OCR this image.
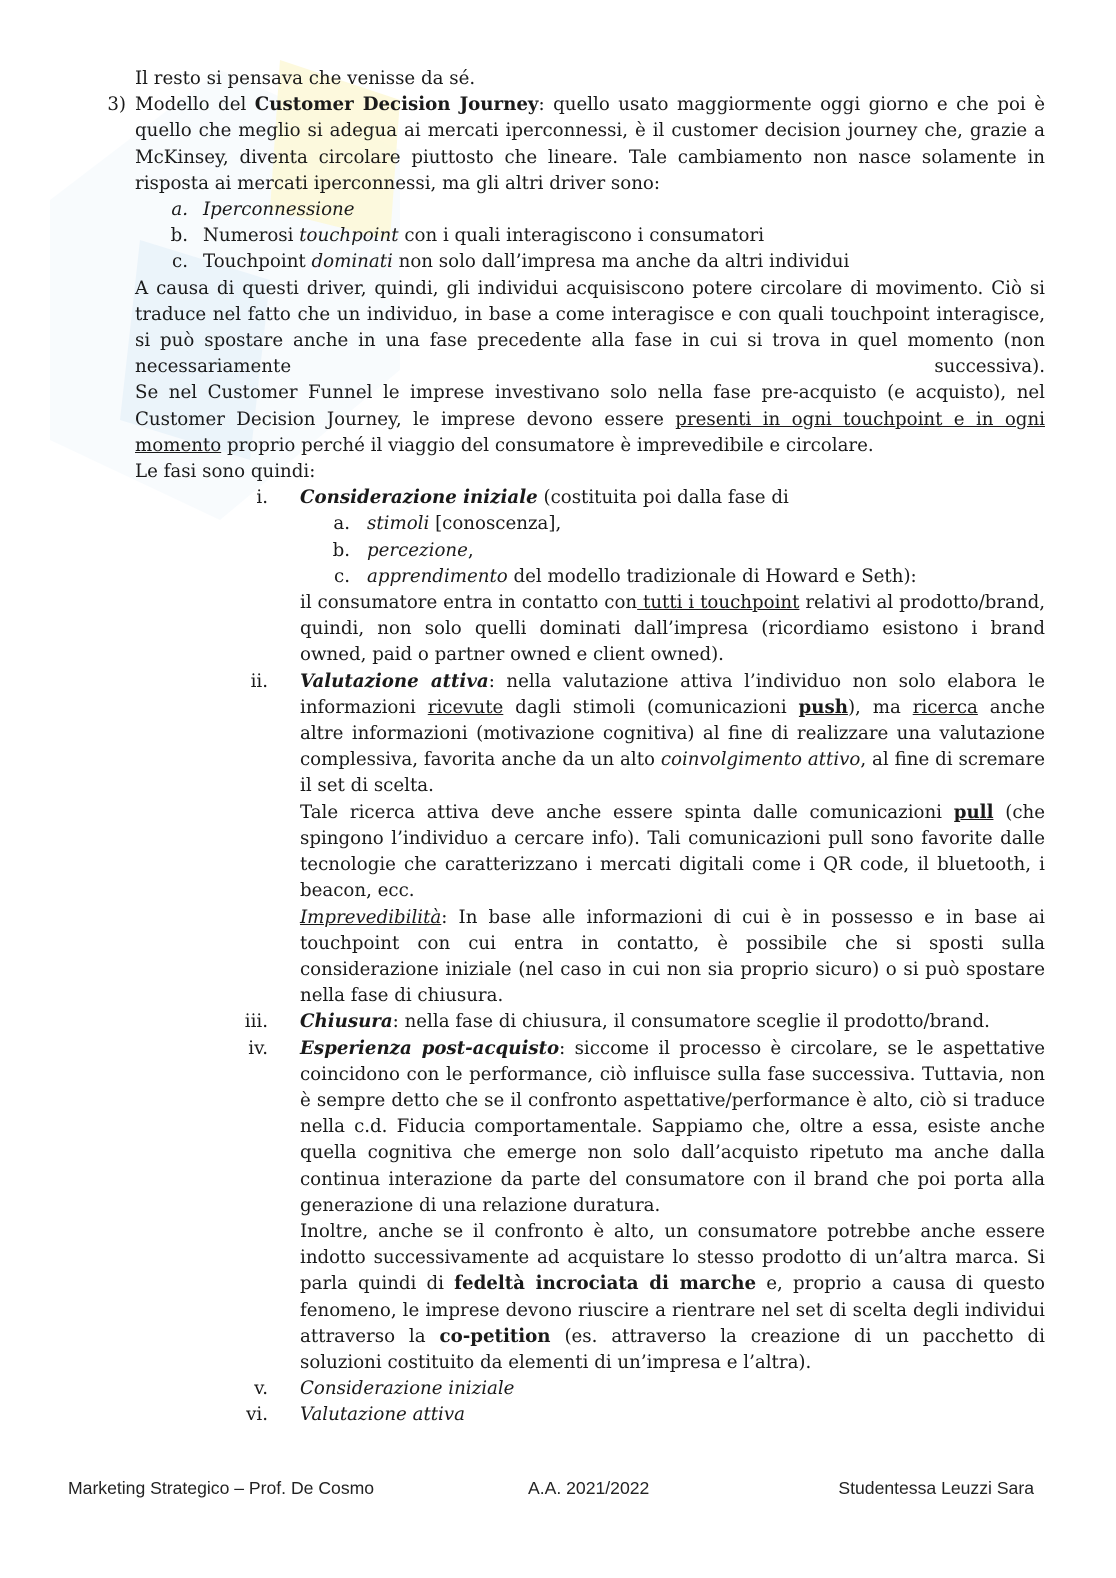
Il resto si pensava che venisse da sé.

3) Modello del Customer Decision Journey: quello usato maggiormente oggi giorno e che poi è quello che meglio si adegua ai mercati iperconnessi, è il customer decision journey che, grazie a McKinsey, diventa circolare piuttosto che lineare. Tale cambiamento non nasce solamente in risposta ai mercati iperconnessi, ma gli altri driver sono:

a. Iperconnessione

b. Numerosi touchpoint con i quali interagiscono i consumatori

c. Touchpoint dominati non solo dall’impresa ma anche da altri individui

A causa di questi driver, quindi, gli individui acquisiscono potere circolare di movimento. Ciò si traduce nel fatto che un individuo, in base a come interagisce e con quali touchpoint interagisce, si può spostare anche in una fase precedente alla fase in cui si trova in quel momento (non necessariamente successiva).

Se nel Customer Funnel le imprese investivano solo nella fase pre-acquisto (e acquisto), nel Customer Decision Journey, le imprese devono essere presenti in ogni touchpoint e in ogni momento proprio perché il viaggio del consumatore è imprevedibile e circolare.

Le fasi sono quindi:

i. Considerazione iniziale (costituita poi dalla fase di

a. stimoli [conoscenza],

b. percezione,

c. apprendimento del modello tradizionale di Howard e Seth):

il consumatore entra in contatto con tutti i touchpoint relativi al prodotto/brand, quindi, non solo quelli dominati dall’impresa (ricordiamo esistono i brand owned, paid o partner owned e client owned).

ii. Valutazione attiva: nella valutazione attiva l’individuo non solo elabora le informazioni ricevute dagli stimoli (comunicazioni push), ma ricerca anche altre informazioni (motivazione cognitiva) al fine di realizzare una valutazione complessiva, favorita anche da un alto coinvolgimento attivo, al fine di scremare il set di scelta.

Tale ricerca attiva deve anche essere spinta dalle comunicazioni pull (che spingono l’individuo a cercare info). Tali comunicazioni pull sono favorite dalle tecnologie che caratterizzano i mercati digitali come i QR code, il bluetooth, i beacon, ecc.

Imprevedibilità: In base alle informazioni di cui è in possesso e in base ai touchpoint con cui entra in contatto, è possibile che si sposti sulla considerazione iniziale (nel caso in cui non sia proprio sicuro) o si può spostare nella fase di chiusura.

iii. Chiusura: nella fase di chiusura, il consumatore sceglie il prodotto/brand.

iv. Esperienza post-acquisto: siccome il processo è circolare, se le aspettative coincidono con le performance, ciò influisce sulla fase successiva. Tuttavia, non è sempre detto che se il confronto aspettative/performance è alto, ciò si traduce nella c.d. Fiducia comportamentale. Sappiamo che, oltre a essa, esiste anche quella cognitiva che emerge non solo dall’acquisto ripetuto ma anche dalla continua interazione da parte del consumatore con il brand che poi porta alla generazione di una relazione duratura.

Inoltre, anche se il confronto è alto, un consumatore potrebbe anche essere indotto successivamente ad acquistare lo stesso prodotto di un’altra marca. Si parla quindi di fedeltà incrociata di marche e, proprio a causa di questo fenomeno, le imprese devono riuscire a rientrare nel set di scelta degli individui attraverso la co-petition (es. attraverso la creazione di un pacchetto di soluzioni costituito da elementi di un’impresa e l’altra).

v. Considerazione iniziale

vi. Valutazione attiva

Marketing Strategico – Prof. De Cosmo	A.A. 2021/2022	Studentessa Leuzzi Sara
